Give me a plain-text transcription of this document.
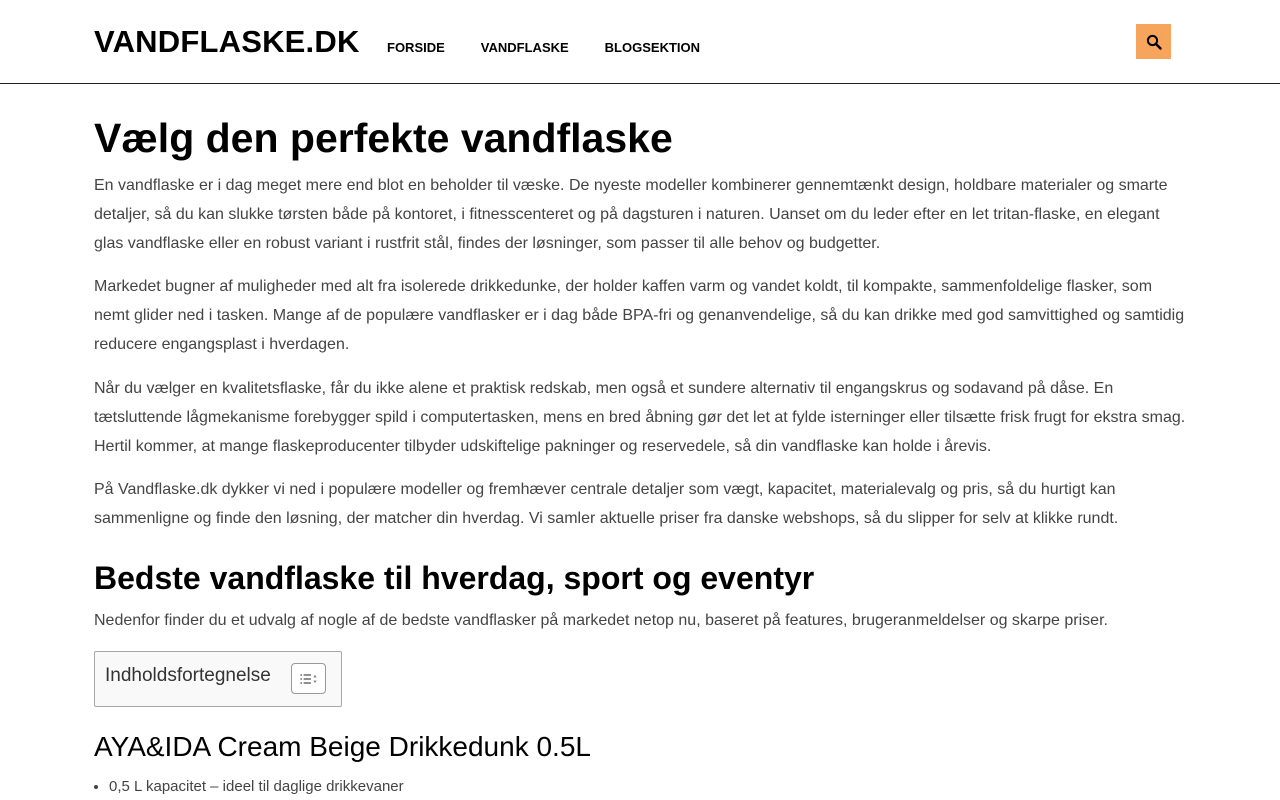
VANDFLASKE.DK FORSIDE	VANDFLASKE	BLOGSEKTION
Vælg den perfekte vandflaske

En vandflaske er i dag meget mere end blot en beholder til væske. De nyeste modeller kombinerer gennemtænkt design, holdbare materialer og smarte detaljer, så du kan slukke tørsten både på kontoret, i fitnesscenteret og på dagsturen i naturen. Uanset om du leder efter en let tritan-flaske, en elegant glas vandflaske eller en robust variant i rustfrit stål, findes der løsninger, som passer til alle behov og budgetter.

Markedet bugner af muligheder med alt fra isolerede drikkedunke, der holder kaffen varm og vandet koldt, til kompakte, sammenfoldelige flasker, som nemt glider ned i tasken. Mange af de populære vandflasker er i dag både BPA-fri og genanvendelige, så du kan drikke med god samvittighed og samtidig reducere engangsplast i hverdagen.

Når du vælger en kvalitetsflaske, får du ikke alene et praktisk redskab, men også et sundere alternativ til engangskrus og sodavand på dåse. En tætsluttende lågmekanisme forebygger spild i computertasken, mens en bred åbning gør det let at fylde isterninger eller tilsætte frisk frugt for ekstra smag. Hertil kommer, at mange flaskeproducenter tilbyder udskiftelige pakninger og reservedele, så din vandflaske kan holde i årevis.

På Vandflaske.dk dykker vi ned i populære modeller og fremhæver centrale detaljer som vægt, kapacitet, materialevalg og pris, så du hurtigt kan sammenligne og finde den løsning, der matcher din hverdag. Vi samler aktuelle priser fra danske webshops, så du slipper for selv at klikke rundt.

Bedste vandflaske til hverdag, sport og eventyr

Nedenfor finder du et udvalg af nogle af de bedste vandflasker på markedet netop nu, baseret på features, brugeranmeldelser og skarpe priser.

Indholdsfortegnelse
AYA&IDA Cream Beige Drikkedunk 0.5L
• 0,5 L kapacitet – ideel til daglige drikkevaner
